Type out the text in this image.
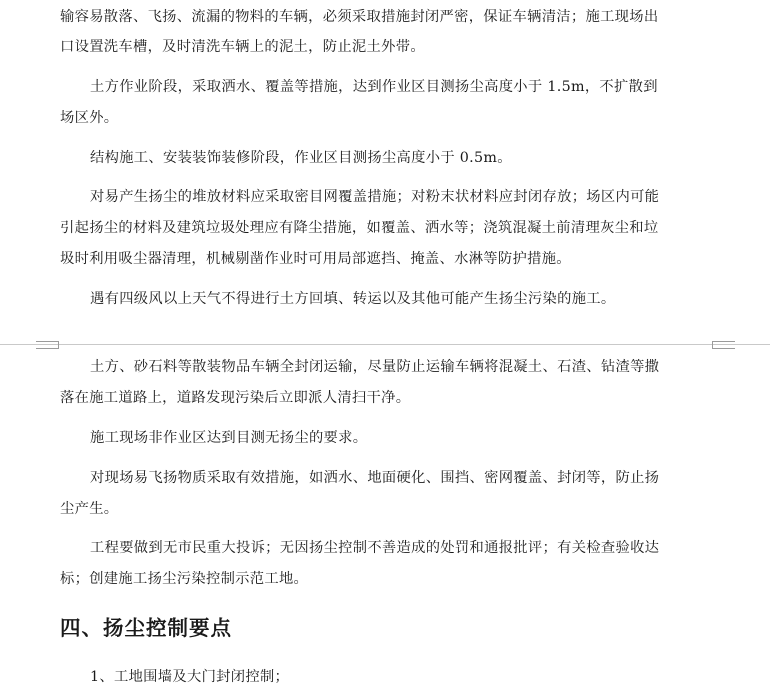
输容易散落、飞扬、流漏的物料的车辆，必须采取措施封闭严密，保证车辆清洁；施工现场出
口设置洗车槽，及时清洗车辆上的泥土，防止泥土外带。
土方作业阶段，采取洒水、覆盖等措施，达到作业区目测扬尘高度小于 1.5m，不扩散到
场区外。
结构施工、安装装饰装修阶段，作业区目测扬尘高度小于 0.5m。
对易产生扬尘的堆放材料应采取密目网覆盖措施；对粉末状材料应封闭存放；场区内可能
引起扬尘的材料及建筑垃圾处理应有降尘措施，如覆盖、洒水等；浇筑混凝土前清理灰尘和垃
圾时利用吸尘器清理，机械剔凿作业时可用局部遮挡、掩盖、水淋等防护措施。
遇有四级风以上天气不得进行土方回填、转运以及其他可能产生扬尘污染的施工。
土方、砂石料等散装物品车辆全封闭运输，尽量防止运输车辆将混凝土、石渣、钻渣等撒
落在施工道路上，道路发现污染后立即派人清扫干净。
施工现场非作业区达到目测无扬尘的要求。
对现场易飞扬物质采取有效措施，如洒水、地面硬化、围挡、密网覆盖、封闭等，防止扬
尘产生。
工程要做到无市民重大投诉；无因扬尘控制不善造成的处罚和通报批评；有关检查验收达
标；创建施工扬尘污染控制示范工地。
四、扬尘控制要点
1、工地围墙及大门封闭控制；
